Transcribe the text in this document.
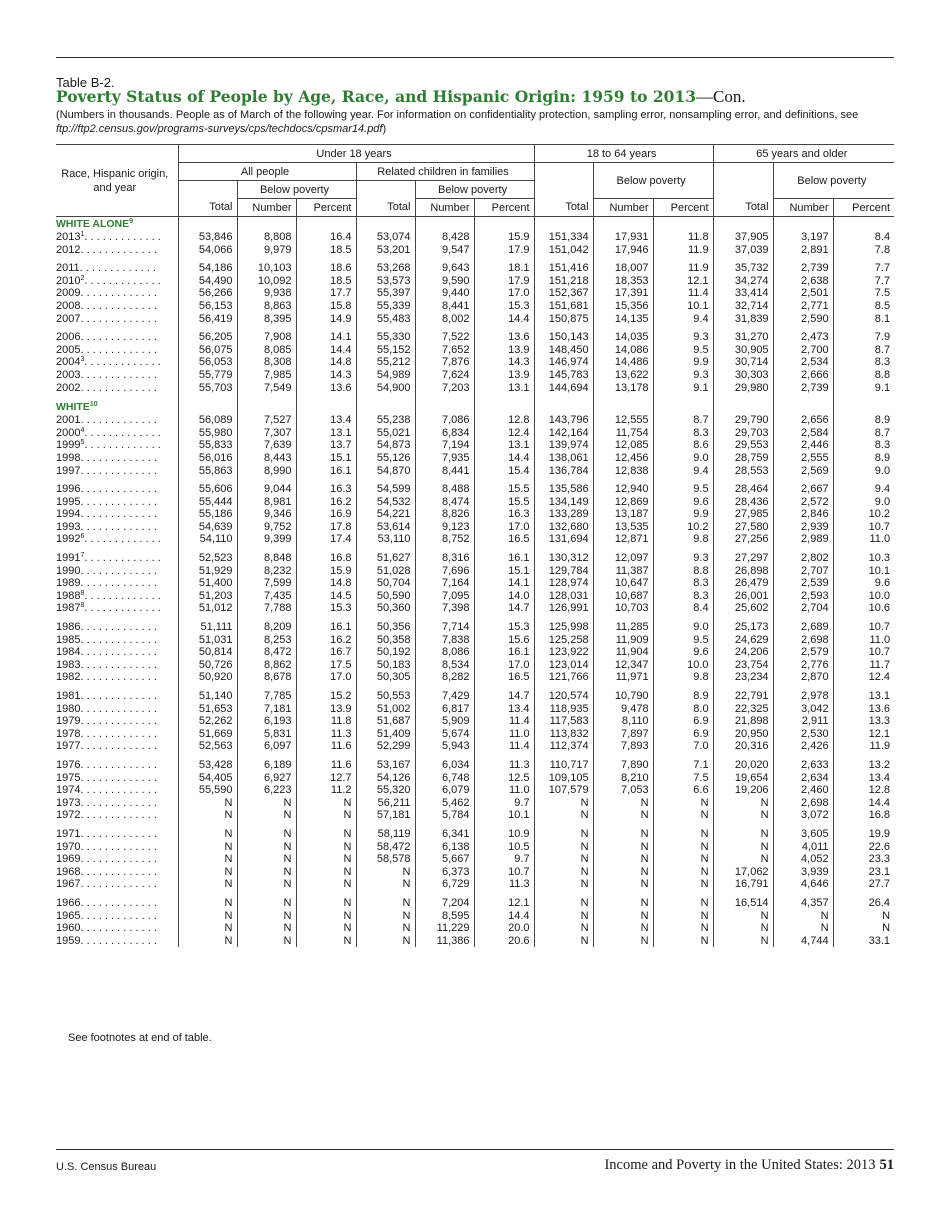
Table B-2.
Poverty Status of People by Age, Race, and Hispanic Origin: 1959 to 2013—Con.
(Numbers in thousands. People as of March of the following year. For information on confidentiality protection, sampling error, nonsampling error, and definitions, see ftp://ftp2.census.gov/programs-surveys/cps/techdocs/cpsmar14.pdf)
Race, Hispanic origin, and year	Under 18 years						18 to 64 years			65 years and older		
	All people			Related children in families				Below poverty			Below poverty	
		Below poverty			Below poverty							
	Total	Number	Percent	Total	Number	Percent	Total	Number	Percent	Total	Number	Percent
WHITE ALONE$^9$												
2013$^1$. . . . . . . . . . . . .	53,846	8,808	16.4	53,074	8,428	15.9	151,334	17,931	11.8	37,905	3,197	8.4
2012. . . . . . . . . . . . .	54,066	9,979	18.5	53,201	9,547	17.9	151,042	17,946	11.9	37,039	2,891	7.8

2011. . . . . . . . . . . . .	54,186	10,103	18.6	53,268	9,643	18.1	151,416	18,007	11.9	35,732	2,739	7.7
2010$^2$. . . . . . . . . . . . .	54,490	10,092	18.5	53,573	9,590	17.9	151,218	18,353	12.1	34,274	2,638	7.7
2009. . . . . . . . . . . . .	56,266	9,938	17.7	55,397	9,440	17.0	152,367	17,391	11.4	33,414	2,501	7.5
2008. . . . . . . . . . . . .	56,153	8,863	15.8	55,339	8,441	15.3	151,681	15,356	10.1	32,714	2,771	8.5
2007. . . . . . . . . . . . .	56,419	8,395	14.9	55,483	8,002	14.4	150,875	14,135	9.4	31,839	2,590	8.1

2006. . . . . . . . . . . . .	56,205	7,908	14.1	55,330	7,522	13.6	150,143	14,035	9.3	31,270	2,473	7.9
2005. . . . . . . . . . . . .	56,075	8,085	14.4	55,152	7,652	13.9	148,450	14,086	9.5	30,905	2,700	8.7
2004$^3$. . . . . . . . . . . . .	56,053	8,308	14.8	55,212	7,876	14.3	146,974	14,486	9.9	30,714	2,534	8.3
2003. . . . . . . . . . . . .	55,779	7,985	14.3	54,989	7,624	13.9	145,783	13,622	9.3	30,303	2,666	8.8
2002. . . . . . . . . . . . .	55,703	7,549	13.6	54,900	7,203	13.1	144,694	13,178	9.1	29,980	2,739	9.1

WHITE$^{10}$												
2001. . . . . . . . . . . . .	56,089	7,527	13.4	55,238	7,086	12.8	143,796	12,555	8.7	29,790	2,656	8.9
2000$^4$. . . . . . . . . . . . .	55,980	7,307	13.1	55,021	6,834	12.4	142,164	11,754	8.3	29,703	2,584	8.7
1999$^5$. . . . . . . . . . . . .	55,833	7,639	13.7	54,873	7,194	13.1	139,974	12,085	8.6	29,553	2,446	8.3
1998. . . . . . . . . . . . .	56,016	8,443	15.1	55,126	7,935	14.4	138,061	12,456	9.0	28,759	2,555	8.9
1997. . . . . . . . . . . . .	55,863	8,990	16.1	54,870	8,441	15.4	136,784	12,838	9.4	28,553	2,569	9.0

1996. . . . . . . . . . . . .	55,606	9,044	16.3	54,599	8,488	15.5	135,586	12,940	9.5	28,464	2,667	9.4
1995. . . . . . . . . . . . .	55,444	8,981	16.2	54,532	8,474	15.5	134,149	12,869	9.6	28,436	2,572	9.0
1994. . . . . . . . . . . . .	55,186	9,346	16.9	54,221	8,826	16.3	133,289	13,187	9.9	27,985	2,846	10.2
1993. . . . . . . . . . . . .	54,639	9,752	17.8	53,614	9,123	17.0	132,680	13,535	10.2	27,580	2,939	10.7
1992$^6$. . . . . . . . . . . . .	54,110	9,399	17.4	53,110	8,752	16.5	131,694	12,871	9.8	27,256	2,989	11.0

1991$^7$. . . . . . . . . . . . .	52,523	8,848	16.8	51,627	8,316	16.1	130,312	12,097	9.3	27,297	2,802	10.3
1990. . . . . . . . . . . . .	51,929	8,232	15.9	51,028	7,696	15.1	129,784	11,387	8.8	26,898	2,707	10.1
1989. . . . . . . . . . . . .	51,400	7,599	14.8	50,704	7,164	14.1	128,974	10,647	8.3	26,479	2,539	9.6
1988$^8$. . . . . . . . . . . . .	51,203	7,435	14.5	50,590	7,095	14.0	128,031	10,687	8.3	26,001	2,593	10.0
1987$^8$. . . . . . . . . . . . .	51,012	7,788	15.3	50,360	7,398	14.7	126,991	10,703	8.4	25,602	2,704	10.6

1986. . . . . . . . . . . . .	51,111	8,209	16.1	50,356	7,714	15.3	125,998	11,285	9.0	25,173	2,689	10.7
1985. . . . . . . . . . . . .	51,031	8,253	16.2	50,358	7,838	15.6	125,258	11,909	9.5	24,629	2,698	11.0
1984. . . . . . . . . . . . .	50,814	8,472	16.7	50,192	8,086	16.1	123,922	11,904	9.6	24,206	2,579	10.7
1983. . . . . . . . . . . . .	50,726	8,862	17.5	50,183	8,534	17.0	123,014	12,347	10.0	23,754	2,776	11.7
1982. . . . . . . . . . . . .	50,920	8,678	17.0	50,305	8,282	16.5	121,766	11,971	9.8	23,234	2,870	12.4

1981. . . . . . . . . . . . .	51,140	7,785	15.2	50,553	7,429	14.7	120,574	10,790	8.9	22,791	2,978	13.1
1980. . . . . . . . . . . . .	51,653	7,181	13.9	51,002	6,817	13.4	118,935	9,478	8.0	22,325	3,042	13.6
1979. . . . . . . . . . . . .	52,262	6,193	11.8	51,687	5,909	11.4	117,583	8,110	6.9	21,898	2,911	13.3
1978. . . . . . . . . . . . .	51,669	5,831	11.3	51,409	5,674	11.0	113,832	7,897	6.9	20,950	2,530	12.1
1977. . . . . . . . . . . . .	52,563	6,097	11.6	52,299	5,943	11.4	112,374	7,893	7.0	20,316	2,426	11.9

1976. . . . . . . . . . . . .	53,428	6,189	11.6	53,167	6,034	11.3	110,717	7,890	7.1	20,020	2,633	13.2
1975. . . . . . . . . . . . .	54,405	6,927	12.7	54,126	6,748	12.5	109,105	8,210	7.5	19,654	2,634	13.4
1974. . . . . . . . . . . . .	55,590	6,223	11.2	55,320	6,079	11.0	107,579	7,053	6.6	19,206	2,460	12.8
1973. . . . . . . . . . . . .	N	N	N	56,211	5,462	9.7	N	N	N	N	2,698	14.4
1972. . . . . . . . . . . . .	N	N	N	57,181	5,784	10.1	N	N	N	N	3,072	16.8

1971. . . . . . . . . . . . .	N	N	N	58,119	6,341	10.9	N	N	N	N	3,605	19.9
1970. . . . . . . . . . . . .	N	N	N	58,472	6,138	10.5	N	N	N	N	4,011	22.6
1969. . . . . . . . . . . . .	N	N	N	58,578	5,667	9.7	N	N	N	N	4,052	23.3
1968. . . . . . . . . . . . .	N	N	N	N	6,373	10.7	N	N	N	17,062	3,939	23.1
1967. . . . . . . . . . . . .	N	N	N	N	6,729	11.3	N	N	N	16,791	4,646	27.7

1966. . . . . . . . . . . . .	N	N	N	N	7,204	12.1	N	N	N	16,514	4,357	26.4
1965. . . . . . . . . . . . .	N	N	N	N	8,595	14.4	N	N	N	N	N	N
1960. . . . . . . . . . . . .	N	N	N	N	11,229	20.0	N	N	N	N	N	N
1959. . . . . . . . . . . . .	N	N	N	N	11,386	20.6	N	N	N	N	4,744	33.1
See footnotes at end of table.
U.S. Census Bureau	Income and Poverty in the United States: 2013 51
